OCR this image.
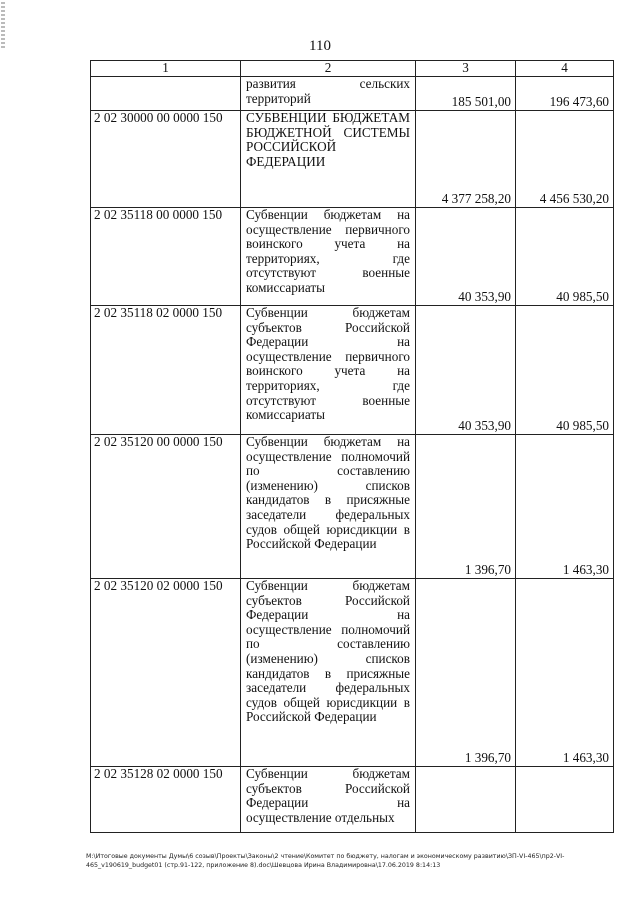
110
1	2	3	4
	развития сельских территорий	185 501,00	196 473,60
2 02 30000 00 0000 150	СУБВЕНЦИИ БЮДЖЕТАМ БЮДЖЕТНОЙ СИСТЕМЫ РОССИЙСКОЙ ФЕДЕРАЦИИ	4 377 258,20	4 456 530,20
2 02 35118 00 0000 150	Субвенции бюджетам на осуществление первичного воинского учета на территориях, где отсутствуют военные комиссариаты	40 353,90	40 985,50
2 02 35118 02 0000 150	Субвенции бюджетам субъектов Российской Федерации на осуществление первичного воинского учета на территориях, где отсутствуют военные комиссариаты	40 353,90	40 985,50
2 02 35120 00 0000 150	Субвенции бюджетам на осуществление полномочий по составлению (изменению) списков кандидатов в присяжные заседатели федеральных судов общей юрисдикции в Российской Федерации	1 396,70	1 463,30
2 02 35120 02 0000 150	Субвенции бюджетам субъектов Российской Федерации на осуществление полномочий по составлению (изменению) списков кандидатов в присяжные заседатели федеральных судов общей юрисдикции в Российской Федерации	1 396,70	1 463,30
2 02 35128 02 0000 150	Субвенции бюджетам субъектов Российской Федерации на осуществление отдельных		
M:\Итоговые документы Думы\6 созыв\Проекты\Законы\2 чтение\Комитет по бюджету, налогам и экономическому развитию\ЗП-VI-465\пр2-VI-465_v190619_budget01 (стр.91-122, приложение 8).doc\Шевцова Ирина Владимировна\17.06.2019 8:14:13
